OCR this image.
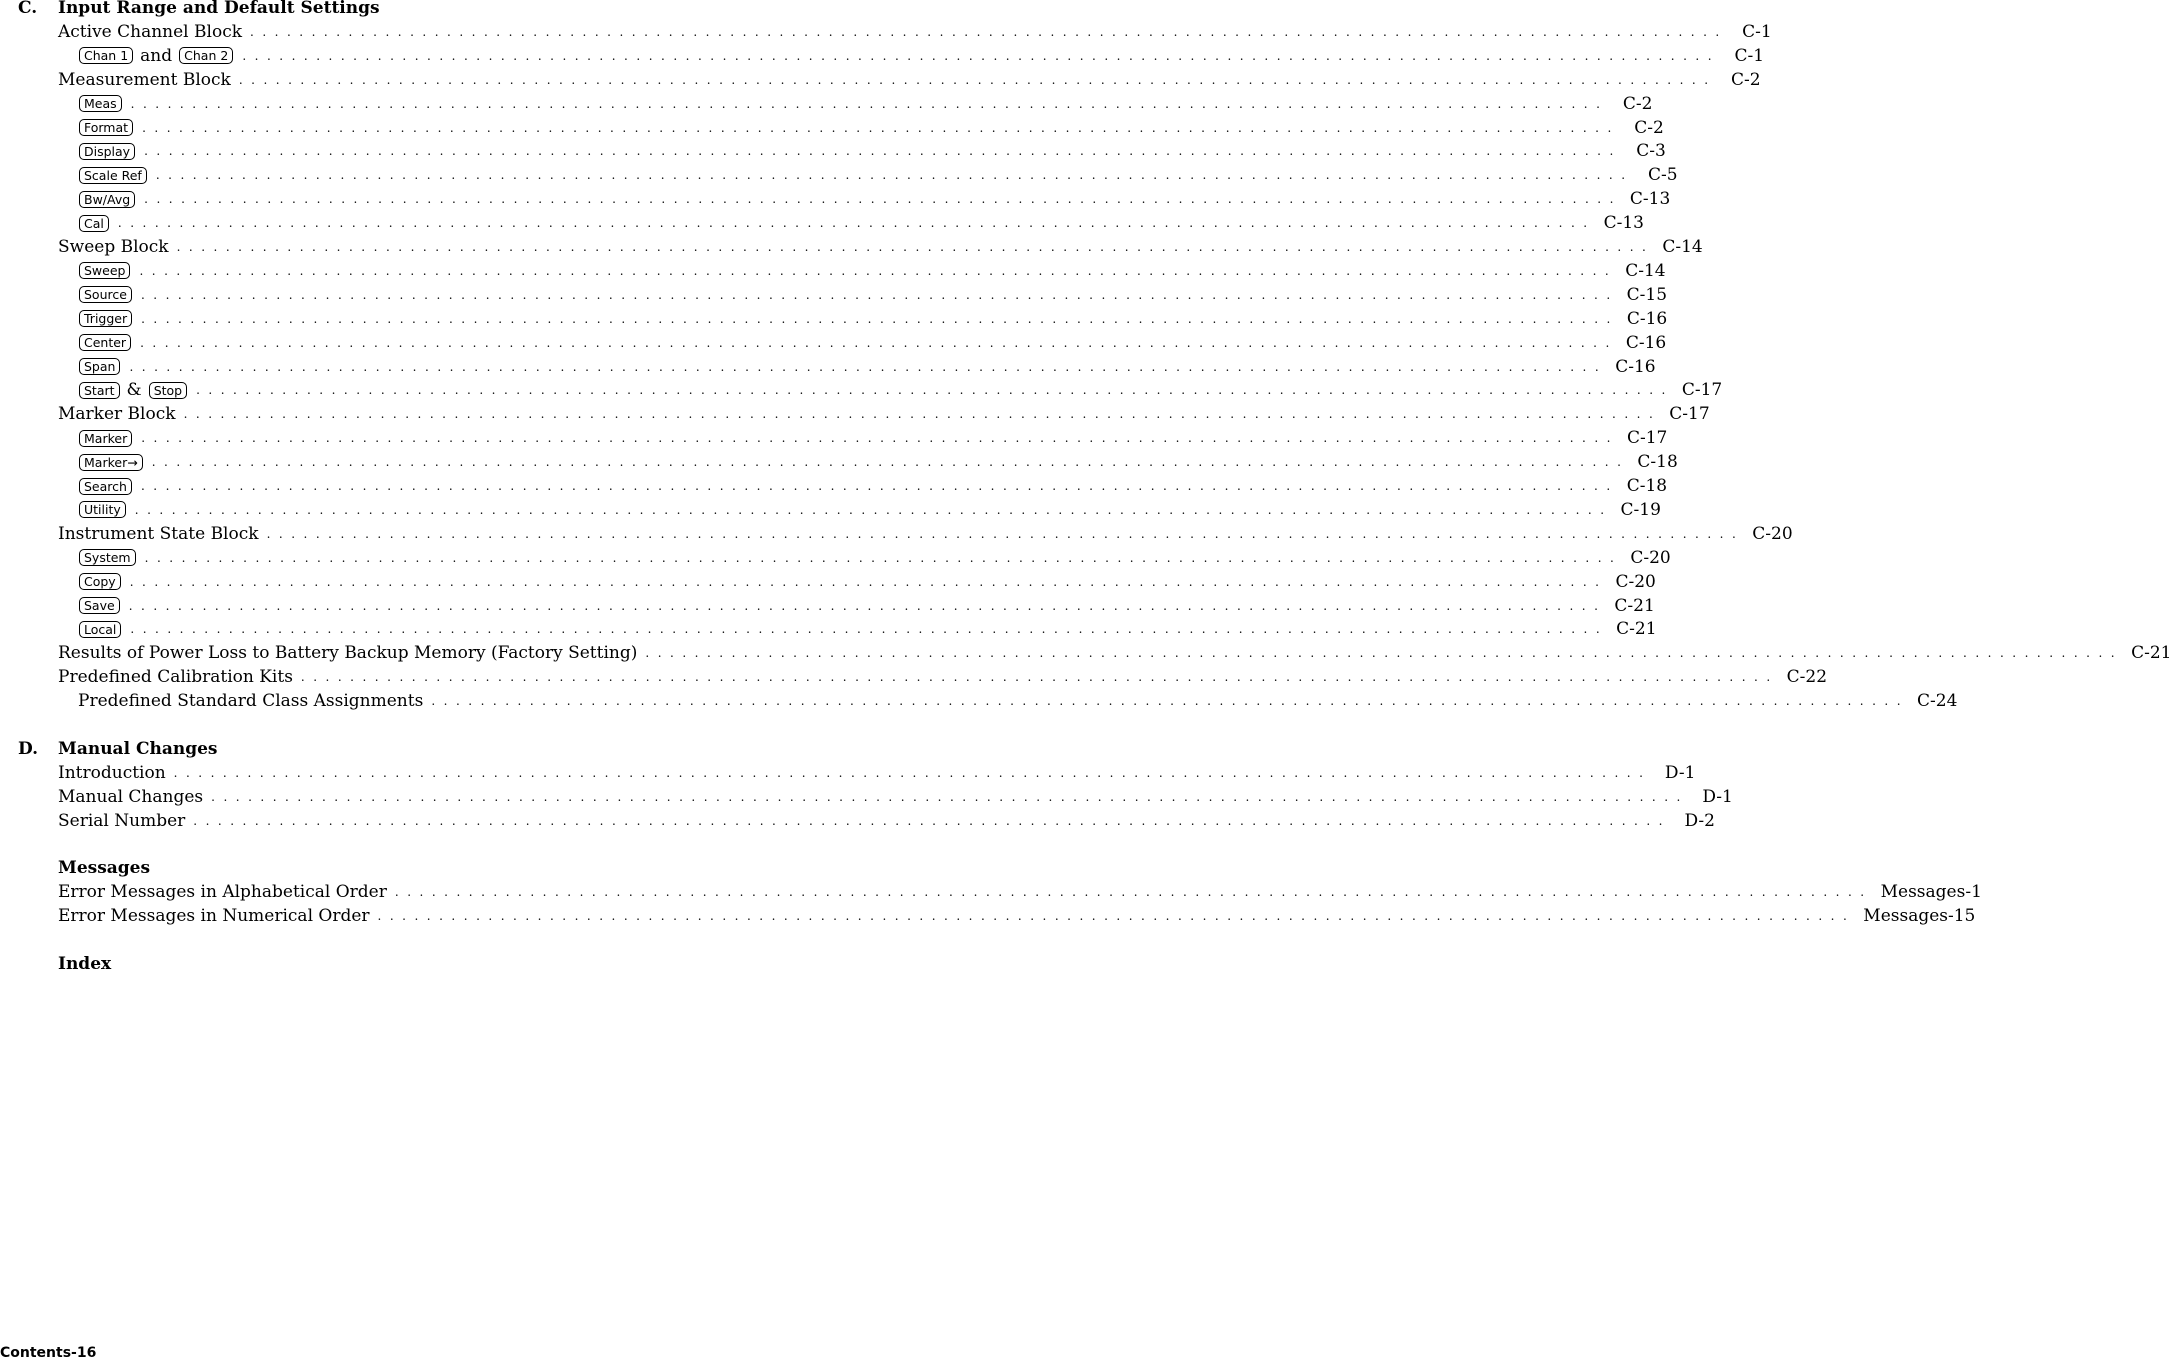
C. Input Range and Default Settings
Active Channel Block ........................................................................................................................ C-1
Chan 1 and Chan 2	........................................................................................................................ C-1
Measurement Block ........................................................................................................................ C-2
Meas	........................................................................................................................ C-2
Format	........................................................................................................................ C-2
Display	........................................................................................................................ C-3
Scale Ref	........................................................................................................................ C-5
Bw/Avg	........................................................................................................................ C-13
Cal	........................................................................................................................ C-13
Sweep Block ........................................................................................................................ C-14
Sweep	........................................................................................................................ C-14
Source	........................................................................................................................ C-15
Trigger	........................................................................................................................ C-16
Center	........................................................................................................................ C-16
Span	........................................................................................................................ C-16
Start & Stop	........................................................................................................................ C-17
Marker Block ........................................................................................................................ C-17
Marker	........................................................................................................................ C-17
Marker→	........................................................................................................................ C-18
Search	........................................................................................................................ C-18
Utility	........................................................................................................................ C-19
Instrument State Block ........................................................................................................................ C-20
System	........................................................................................................................ C-20
Copy	........................................................................................................................ C-20
Save	........................................................................................................................ C-21
Local	........................................................................................................................ C-21
Results of Power Loss to Battery Backup Memory (Factory Setting) ........................................................................................................................ C-21
Predefined Calibration Kits ........................................................................................................................ C-22
Predefined Standard Class Assignments ........................................................................................................................ C-24
D. Manual Changes
Introduction ........................................................................................................................ D-1
Manual Changes ........................................................................................................................ D-1
Serial Number ........................................................................................................................ D-2
Messages
Error Messages in Alphabetical Order ........................................................................................................................ Messages-1
Error Messages in Numerical Order ........................................................................................................................ Messages-15
Index
Contents-16
